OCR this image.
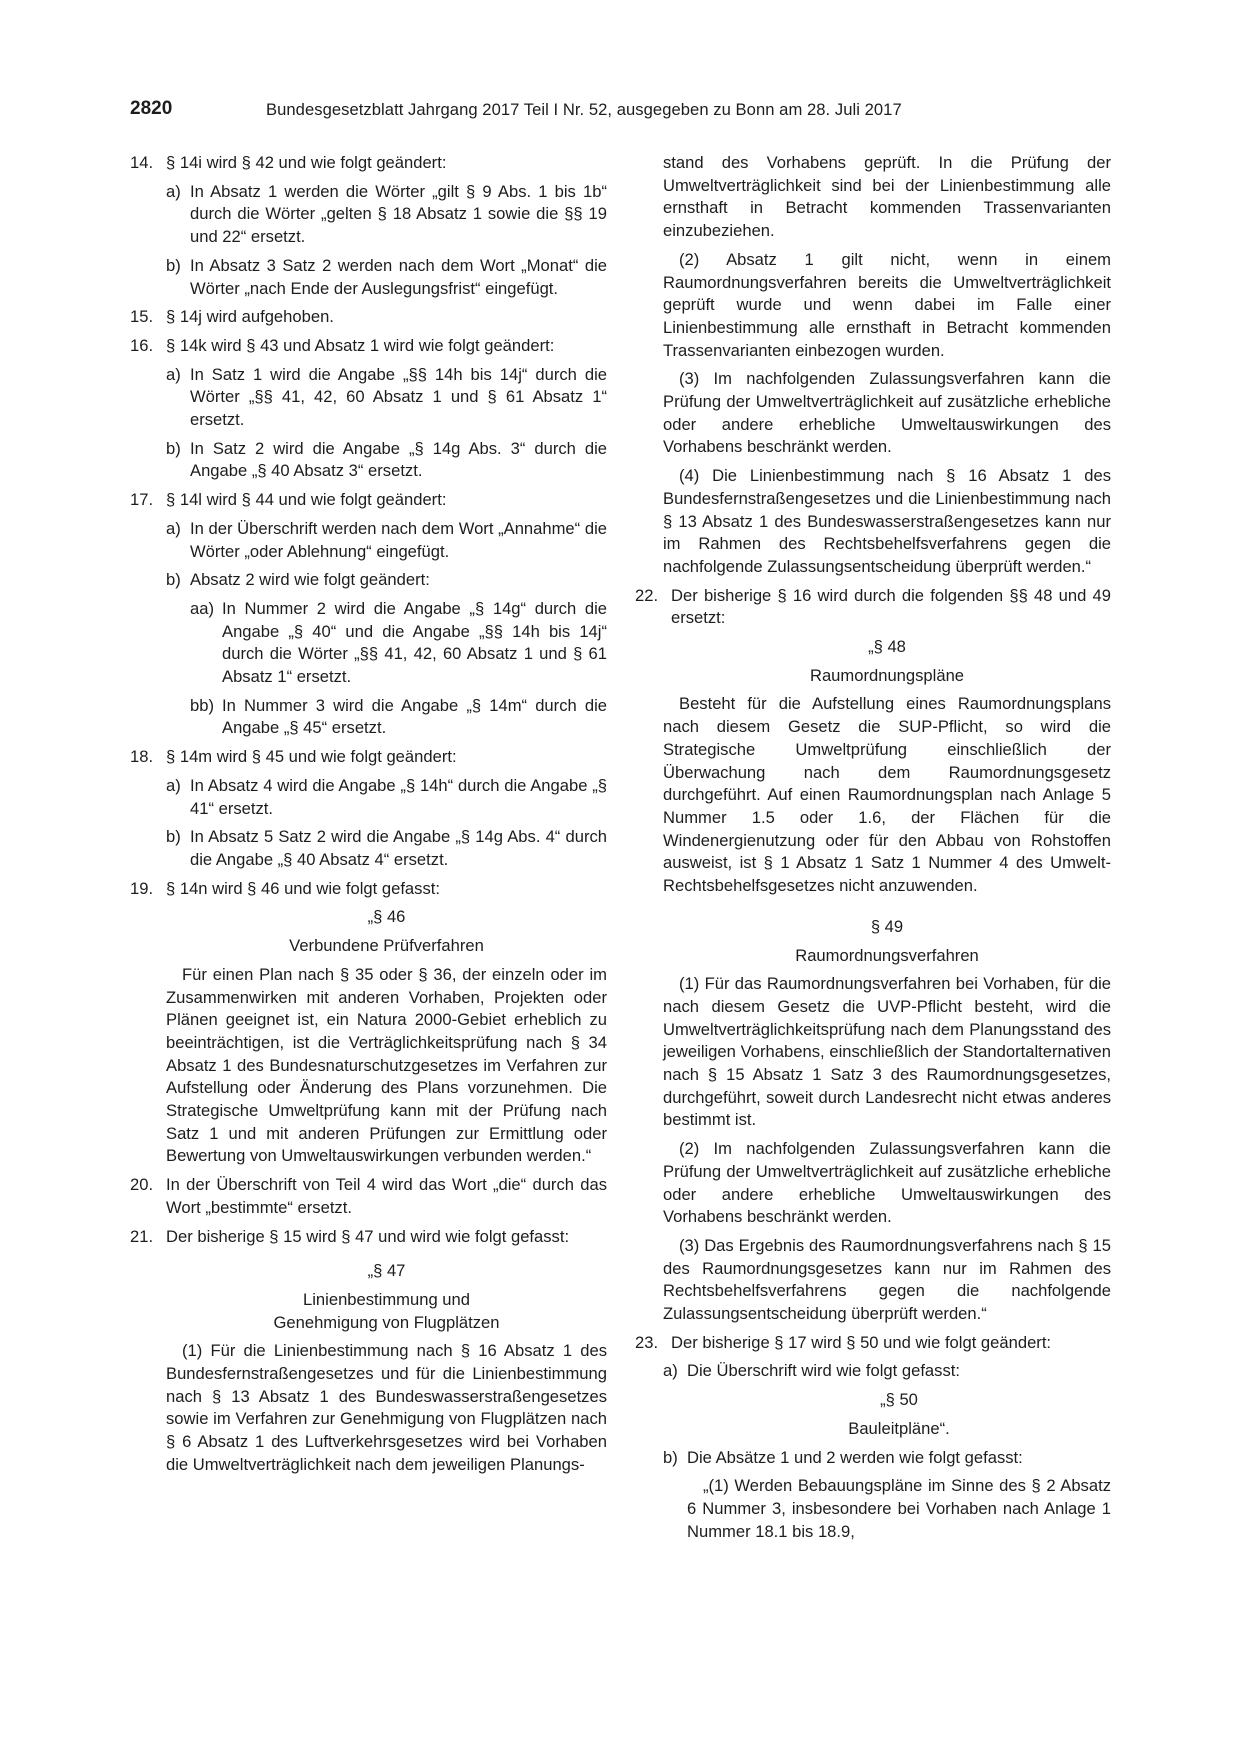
2820	Bundesgesetzblatt Jahrgang 2017 Teil I Nr. 52, ausgegeben zu Bonn am 28. Juli 2017
14. § 14i wird § 42 und wie folgt geändert:
a) In Absatz 1 werden die Wörter „gilt § 9 Abs. 1 bis 1b“ durch die Wörter „gelten § 18 Absatz 1 sowie die §§ 19 und 22“ ersetzt.
b) In Absatz 3 Satz 2 werden nach dem Wort „Monat“ die Wörter „nach Ende der Auslegungsfrist“ eingefügt.
15. § 14j wird aufgehoben.
16. § 14k wird § 43 und Absatz 1 wird wie folgt geändert:
a) In Satz 1 wird die Angabe „§§ 14h bis 14j“ durch die Wörter „§§ 41, 42, 60 Absatz 1 und § 61 Absatz 1“ ersetzt.
b) In Satz 2 wird die Angabe „§ 14g Abs. 3“ durch die Angabe „§ 40 Absatz 3“ ersetzt.
17. § 14l wird § 44 und wie folgt geändert:
a) In der Überschrift werden nach dem Wort „Annahme“ die Wörter „oder Ablehnung“ eingefügt.
b) Absatz 2 wird wie folgt geändert:
aa) In Nummer 2 wird die Angabe „§ 14g“ durch die Angabe „§ 40“ und die Angabe „§§ 14h bis 14j“ durch die Wörter „§§ 41, 42, 60 Absatz 1 und § 61 Absatz 1“ ersetzt.
bb) In Nummer 3 wird die Angabe „§ 14m“ durch die Angabe „§ 45“ ersetzt.
18. § 14m wird § 45 und wie folgt geändert:
a) In Absatz 4 wird die Angabe „§ 14h“ durch die Angabe „§ 41“ ersetzt.
b) In Absatz 5 Satz 2 wird die Angabe „§ 14g Abs. 4“ durch die Angabe „§ 40 Absatz 4“ ersetzt.
19. § 14n wird § 46 und wie folgt gefasst:
„§ 46
Verbundene Prüfverfahren
Für einen Plan nach § 35 oder § 36, der einzeln oder im Zusammenwirken mit anderen Vorhaben, Projekten oder Plänen geeignet ist, ein Natura 2000-Gebiet erheblich zu beeinträchtigen, ist die Verträglichkeitsprüfung nach § 34 Absatz 1 des Bundesnaturschutzgesetzes im Verfahren zur Aufstellung oder Änderung des Plans vorzunehmen. Die Strategische Umweltprüfung kann mit der Prüfung nach Satz 1 und mit anderen Prüfungen zur Ermittlung oder Bewertung von Umweltauswirkungen verbunden werden.“
20. In der Überschrift von Teil 4 wird das Wort „die“ durch das Wort „bestimmte“ ersetzt.
21. Der bisherige § 15 wird § 47 und wird wie folgt gefasst:
„§ 47
Linienbestimmung und
Genehmigung von Flugplätzen
(1) Für die Linienbestimmung nach § 16 Absatz 1 des Bundesfernstraßengesetzes und für die Linienbestimmung nach § 13 Absatz 1 des Bundeswasserstraßengesetzes sowie im Verfahren zur Genehmigung von Flugplätzen nach § 6 Absatz 1 des Luftverkehrsgesetzes wird bei Vorhaben die Umweltverträglichkeit nach dem jeweiligen Planungs-
stand des Vorhabens geprüft. In die Prüfung der Umweltverträglichkeit sind bei der Linienbestimmung alle ernsthaft in Betracht kommenden Trassenvarianten einzubeziehen.
(2) Absatz 1 gilt nicht, wenn in einem Raumordnungsverfahren bereits die Umweltverträglichkeit geprüft wurde und wenn dabei im Falle einer Linienbestimmung alle ernsthaft in Betracht kommenden Trassenvarianten einbezogen wurden.
(3) Im nachfolgenden Zulassungsverfahren kann die Prüfung der Umweltverträglichkeit auf zusätzliche erhebliche oder andere erhebliche Umweltauswirkungen des Vorhabens beschränkt werden.
(4) Die Linienbestimmung nach § 16 Absatz 1 des Bundesfernstraßengesetzes und die Linienbestimmung nach § 13 Absatz 1 des Bundeswasserstraßengesetzes kann nur im Rahmen des Rechtsbehelfsverfahrens gegen die nachfolgende Zulassungsentscheidung überprüft werden.“
22. Der bisherige § 16 wird durch die folgenden §§ 48 und 49 ersetzt:
„§ 48
Raumordnungspläne
Besteht für die Aufstellung eines Raumordnungsplans nach diesem Gesetz die SUP-Pflicht, so wird die Strategische Umweltprüfung einschließlich der Überwachung nach dem Raumordnungsgesetz durchgeführt. Auf einen Raumordnungsplan nach Anlage 5 Nummer 1.5 oder 1.6, der Flächen für die Windenergienutzung oder für den Abbau von Rohstoffen ausweist, ist § 1 Absatz 1 Satz 1 Nummer 4 des Umwelt-Rechtsbehelfsgesetzes nicht anzuwenden.
§ 49
Raumordnungsverfahren
(1) Für das Raumordnungsverfahren bei Vorhaben, für die nach diesem Gesetz die UVP-Pflicht besteht, wird die Umweltverträglichkeitsprüfung nach dem Planungsstand des jeweiligen Vorhabens, einschließlich der Standortalternativen nach § 15 Absatz 1 Satz 3 des Raumordnungsgesetzes, durchgeführt, soweit durch Landesrecht nicht etwas anderes bestimmt ist.
(2) Im nachfolgenden Zulassungsverfahren kann die Prüfung der Umweltverträglichkeit auf zusätzliche erhebliche oder andere erhebliche Umweltauswirkungen des Vorhabens beschränkt werden.
(3) Das Ergebnis des Raumordnungsverfahrens nach § 15 des Raumordnungsgesetzes kann nur im Rahmen des Rechtsbehelfsverfahrens gegen die nachfolgende Zulassungsentscheidung überprüft werden.“
23. Der bisherige § 17 wird § 50 und wie folgt geändert:
a) Die Überschrift wird wie folgt gefasst:
„§ 50
Bauleitpläne“.
b) Die Absätze 1 und 2 werden wie folgt gefasst:
„(1) Werden Bebauungspläne im Sinne des § 2 Absatz 6 Nummer 3, insbesondere bei Vorhaben nach Anlage 1 Nummer 18.1 bis 18.9,
